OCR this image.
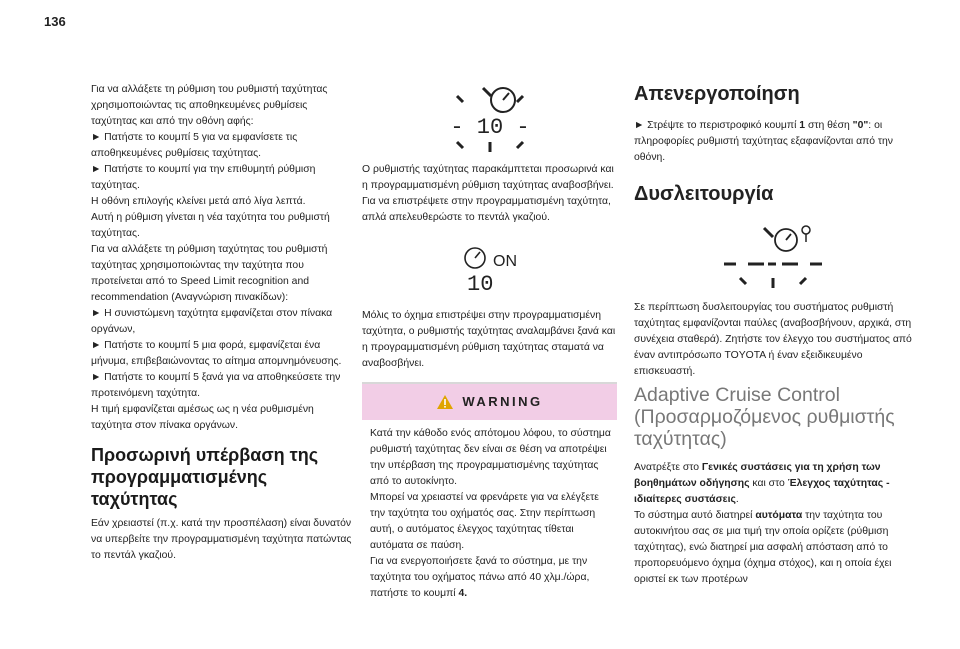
136

Για να αλλάξετε τη ρύθμιση του ρυθμιστή ταχύτητας χρησιμοποιώντας τις αποθηκευμένες ρυθμίσεις ταχύτητας και από την οθόνη αφής:

► Πατήστε το κουμπί 5 για να εμφανίσετε τις αποθηκευμένες ρυθμίσεις ταχύτητας.

► Πατήστε το κουμπί για την επιθυμητή ρύθμιση ταχύτητας.

Η οθόνη επιλογής κλείνει μετά από λίγα λεπτά.

Αυτή η ρύθμιση γίνεται η νέα ταχύτητα του ρυθμιστή ταχύτητας.

Για να αλλάξετε τη ρύθμιση ταχύτητας του ρυθμιστή ταχύτητας χρησιμοποιώντας την ταχύτητα που προτείνεται από το Speed Limit recognition and recommendation (Αναγνώριση πινακίδων):

► Η συνιστώμενη ταχύτητα εμφανίζεται στον πίνακα οργάνων,

► Πατήστε το κουμπί 5 μια φορά, εμφανίζεται ένα μήνυμα, επιβεβαιώνοντας το αίτημα απομνημόνευσης.

► Πατήστε το κουμπί 5 ξανά για να αποθηκεύσετε την προτεινόμενη ταχύτητα.

Η τιμή εμφανίζεται αμέσως ως η νέα ρυθμισμένη ταχύτητα στον πίνακα οργάνων.

Προσωρινή υπέρβαση της προγραμματισμένης ταχύτητας

Εάν χρειαστεί (π.χ. κατά την προσπέλαση) είναι δυνατόν να υπερβείτε την προγραμματισμένη ταχύτητα πατώντας το πεντάλ γκαζιού.

- 10 -

Ο ρυθμιστής ταχύτητας παρακάμπτεται προσωρινά και η προγραμματισμένη ρύθμιση ταχύτητας αναβοσβήνει.

Για να επιστρέψετε στην προγραμματισμένη ταχύτητα, απλά απελευθερώστε το πεντάλ γκαζιού.

ON
10

Μόλις το όχημα επιστρέψει στην προγραμματισμένη ταχύτητα, ο ρυθμιστής ταχύτητας αναλαμβάνει ξανά και η προγραμματισμένη ρύθμιση ταχύτητας σταματά να αναβοσβήνει.

WARNING

Κατά την κάθοδο ενός απότομου λόφου, το σύστημα ρυθμιστή ταχύτητας δεν είναι σε θέση να αποτρέψει την υπέρβαση της προγραμματισμένης ταχύτητας από το αυτοκίνητο.

Μπορεί να χρειαστεί να φρενάρετε για να ελέγξετε την ταχύτητα του οχήματός σας. Στην περίπτωση αυτή, ο αυτόματος έλεγχος ταχύτητας τίθεται αυτόματα σε παύση.

Για να ενεργοποιήσετε ξανά το σύστημα, με την ταχύτητα του οχήματος πάνω από 40 χλμ./ώρα, πατήστε το κουμπί 4.

Απενεργοποίηση

► Στρέψτε το περιστροφικό κουμπί 1 στη θέση "0": οι πληροφορίες ρυθμιστή ταχύτητας εξαφανίζονται από την οθόνη.

Δυσλειτουργία

Σε περίπτωση δυσλειτουργίας του συστήματος ρυθμιστή ταχύτητας εμφανίζονται παύλες (αναβοσβήνουν, αρχικά, στη συνέχεια σταθερά). Ζητήστε τον έλεγχο του συστήματος από έναν αντιπρόσωπο TOYOTA ή έναν εξειδικευμένο επισκευαστή.

Adaptive Cruise Control (Προσαρμοζόμενος ρυθμιστής ταχύτητας)

Ανατρέξτε στο Γενικές συστάσεις για τη χρήση των βοηθημάτων οδήγησης και στο Έλεγχος ταχύτητας - ιδιαίτερες συστάσεις.

Το σύστημα αυτό διατηρεί αυτόματα την ταχύτητα του αυτοκινήτου σας σε μια τιμή την οποία ορίζετε (ρύθμιση ταχύτητας), ενώ διατηρεί μια ασφαλή απόσταση από το προπορευόμενο όχημα (όχημα στόχος), και η οποία έχει οριστεί εκ των προτέρων
